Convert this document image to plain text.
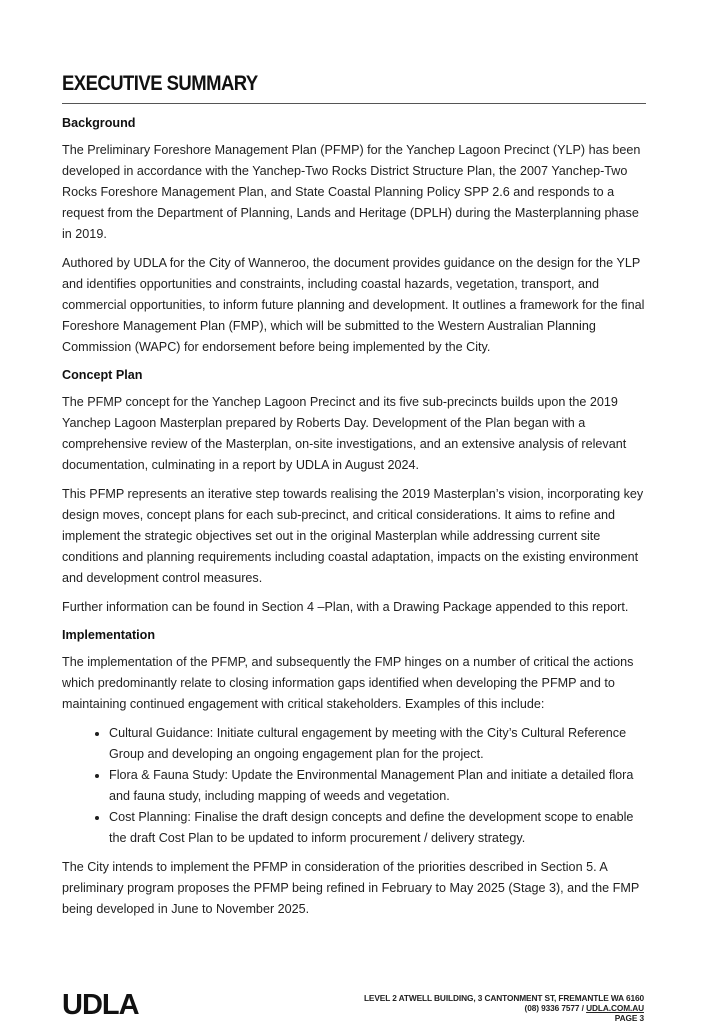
EXECUTIVE SUMMARY
Background

The Preliminary Foreshore Management Plan (PFMP) for the Yanchep Lagoon Precinct (YLP) has been developed in accordance with the Yanchep-Two Rocks District Structure Plan, the 2007 Yanchep-Two Rocks Foreshore Management Plan, and State Coastal Planning Policy SPP 2.6 and responds to a request from the Department of Planning, Lands and Heritage (DPLH) during the Masterplanning phase in 2019.

Authored by UDLA for the City of Wanneroo, the document provides guidance on the design for the YLP and identifies opportunities and constraints, including coastal hazards, vegetation, transport, and commercial opportunities, to inform future planning and development. It outlines a framework for the final Foreshore Management Plan (FMP), which will be submitted to the Western Australian Planning Commission (WAPC) for endorsement before being implemented by the City.

Concept Plan

The PFMP concept for the Yanchep Lagoon Precinct and its five sub-precincts builds upon the 2019 Yanchep Lagoon Masterplan prepared by Roberts Day. Development of the Plan began with a comprehensive review of the Masterplan, on-site investigations, and an extensive analysis of relevant documentation, culminating in a report by UDLA in August 2024.

This PFMP represents an iterative step towards realising the 2019 Masterplan’s vision, incorporating key design moves, concept plans for each sub-precinct, and critical considerations. It aims to refine and implement the strategic objectives set out in the original Masterplan while addressing current site conditions and planning requirements including coastal adaptation, impacts on the existing environment and development control measures.

Further information can be found in Section 4 –Plan, with a Drawing Package appended to this report.

Implementation

The implementation of the PFMP, and subsequently the FMP hinges on a number of critical the actions which predominantly relate to closing information gaps identified when developing the PFMP and to maintaining continued engagement with critical stakeholders. Examples of this include:

• Cultural Guidance: Initiate cultural engagement by meeting with the City’s Cultural Reference Group and developing an ongoing engagement plan for the project.
• Flora & Fauna Study: Update the Environmental Management Plan and initiate a detailed flora and fauna study, including mapping of weeds and vegetation.
• Cost Planning: Finalise the draft design concepts and define the development scope to enable the draft Cost Plan to be updated to inform procurement / delivery strategy.

The City intends to implement the PFMP in consideration of the priorities described in Section 5. A preliminary program proposes the PFMP being refined in February to May 2025 (Stage 3), and the FMP being developed in June to November 2025.

UDLA	LEVEL 2 ATWELL BUILDING, 3 CANTONMENT ST, FREMANTLE WA 6160
(08) 9336 7577 / UDLA.COM.AU
PAGE 3
